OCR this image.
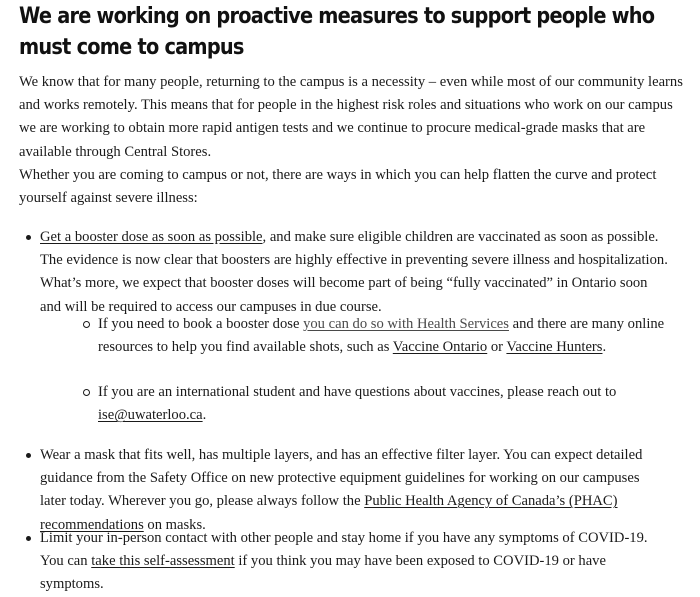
We are working on proactive measures to support people who must come to campus

We know that for many people, returning to the campus is a necessity – even while most of our community learns and works remotely. This means that for people in the highest risk roles and situations who work on our campus we are working to obtain more rapid antigen tests and we continue to procure medical-grade masks that are available through Central Stores.

Whether you are coming to campus or not, there are ways in which you can help flatten the curve and protect yourself against severe illness:

Get a booster dose as soon as possible, and make sure eligible children are vaccinated as soon as possible. The evidence is now clear that boosters are highly effective in preventing severe illness and hospitalization. What’s more, we expect that booster doses will become part of being “fully vaccinated” in Ontario soon and will be required to access our campuses in due course.
If you need to book a booster dose you can do so with Health Services and there are many online resources to help you find available shots, such as Vaccine Ontario or Vaccine Hunters.
If you are an international student and have questions about vaccines, please reach out to ise@uwaterloo.ca.
Wear a mask that fits well, has multiple layers, and has an effective filter layer. You can expect detailed guidance from the Safety Office on new protective equipment guidelines for working on our campuses later today. Wherever you go, please always follow the Public Health Agency of Canada’s (PHAC) recommendations on masks.
Limit your in-person contact with other people and stay home if you have any symptoms of COVID-19. You can take this self-assessment if you think you may have been exposed to COVID-19 or have symptoms.
